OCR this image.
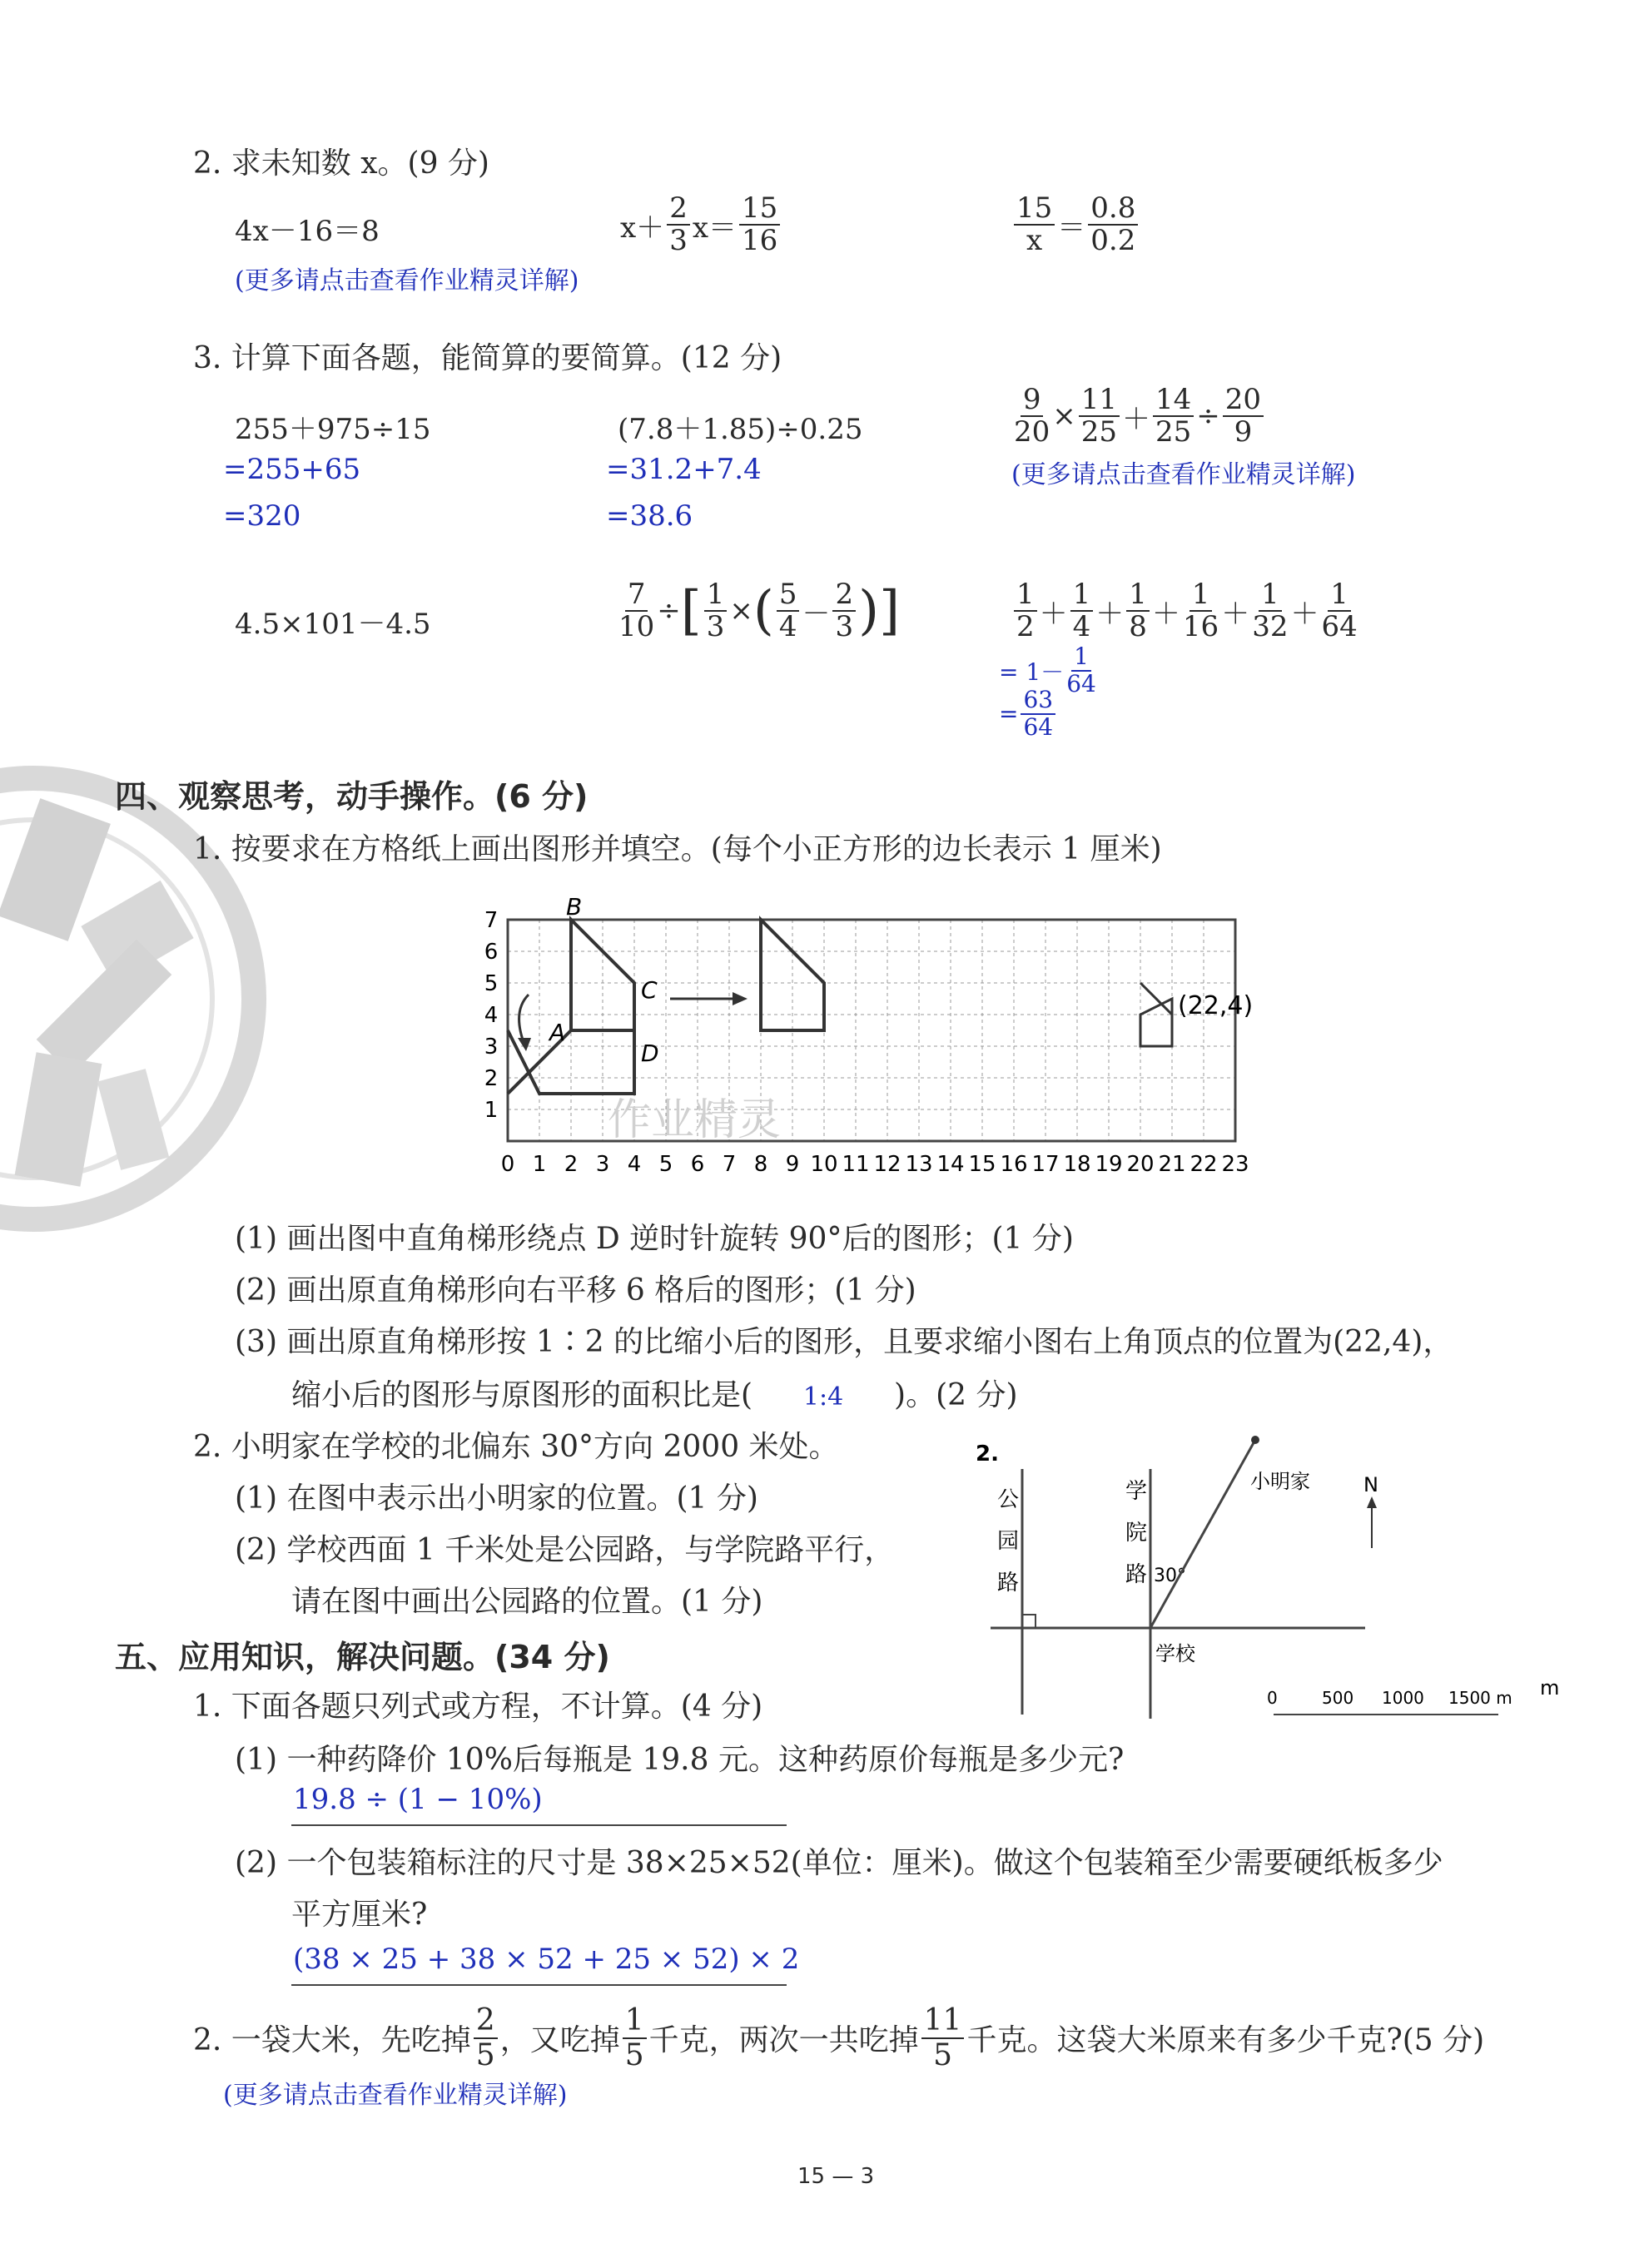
2. 求未知数 x。(9 分)
4x－16＝8	$x+ \frac{2}{3} x= \frac{15}{16}$	$\frac{15}{x} = \frac{0.8}{0.2}$
(更多请点击查看作业精灵详解)
3. 计算下面各题，能简算的要简算。(12 分)
255＋975÷15
=255+65
=320
(7.8＋1.85)÷0.25
=31.2+7.4
=38.6
$\frac{9}{20} \times \frac{11}{25} + \frac{14}{25} \div \frac{20}{9}$
(更多请点击查看作业精灵详解)
4.5×101－4.5	$\frac{7}{10}$ ÷ [ $\frac{1}{3}$ × ( $\frac{5}{4} - \frac{2}{3}$ ) ]	$\frac{1}{2} + \frac{1}{4} + \frac{1}{8} + \frac{1}{16} + \frac{1}{32} + \frac{1}{64}$
= $1- \frac{1}{64}$
= $\frac{63}{64}$
四、观察思考，动手操作。(6 分)
1. 按要求在方格纸上画出图形并填空。(每个小正方形的边长表示 1 厘米)
0 1 2 3 4 5 6 7 8 9 10 11 12 13 14 15 16 17 18 19 20 21 22 23
1
2
3
4
5
6
7	B
C
A
D
(22,4)
作业精灵
(1) 画出图中直角梯形绕点 D 逆时针旋转 90°后的图形；(1 分)
(2) 画出原直角梯形向右平移 6 格后的图形；(1 分)
(3) 画出原直角梯形按 1∶2 的比缩小后的图形，且要求缩小图右上角顶点的位置为(22,4)，
缩小后的图形与原图形的面积比是( 1:4 )。(2 分)
2. 小明家在学校的北偏东 30°方向 2000 米处。
(1) 在图中表示出小明家的位置。(1 分)
(2) 学校西面 1 千米处是公园路，与学院路平行，
请在图中画出公园路的位置。(1 分)
2.
公
园
路
学
院
路 30°
小明家	N
学校
0	500 1000 1500 m m
五、应用知识，解决问题。(34 分)
1. 下面各题只列式或方程，不计算。(4 分)
(1) 一种药降价 10%后每瓶是 19.8 元。这种药原价每瓶是多少元?
19.8 ÷ (1 − 10%)
(2) 一个包装箱标注的尺寸是 38×25×52(单位：厘米)。做这个包装箱至少需要硬纸板多少
平方厘米?
(38 × 25 + 38 × 52 + 25 × 52) × 2
2. 一袋大米，先吃掉 $\frac{2}{5}$ ，又吃掉 $\frac{1}{5}$ 千克，两次一共吃掉 $\frac{11}{5}$ 千克。这袋大米原来有多少千克?(5 分)
(更多请点击查看作业精灵详解)
15 — 3
